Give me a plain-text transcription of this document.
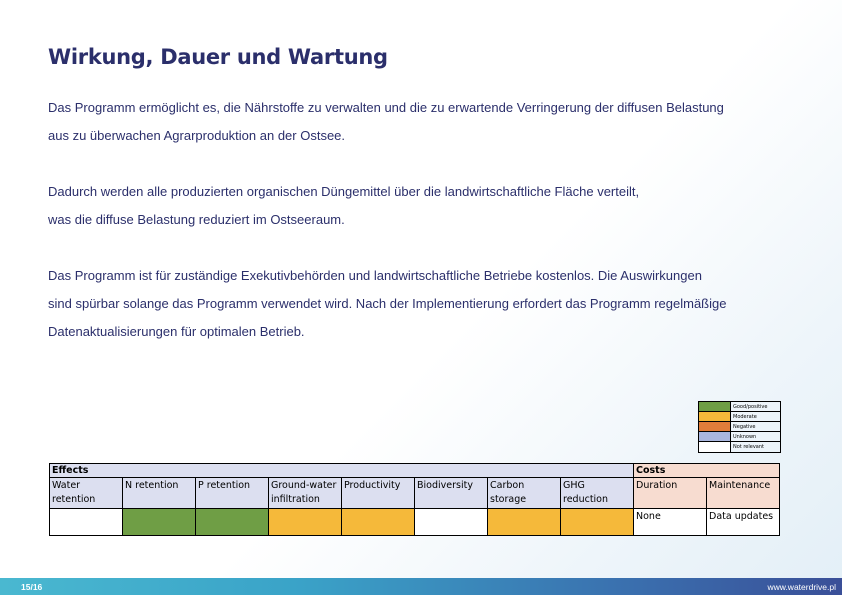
Wirkung, Dauer und Wartung
Das Programm ermöglicht es, die Nährstoffe zu verwalten und die zu erwartende Verringerung der diffusen Belastung
aus zu überwachen Agrarproduktion an der Ostsee.
Dadurch werden alle produzierten organischen Düngemittel über die landwirtschaftliche Fläche verteilt,
was die diffuse Belastung reduziert im Ostseeraum.
Das Programm ist für zuständige Exekutivbehörden und landwirtschaftliche Betriebe kostenlos. Die Auswirkungen
sind spürbar solange das Programm verwendet wird. Nach der Implementierung erfordert das Programm regelmäßige
Datenaktualisierungen für optimalen Betrieb.
Good/positive
Moderate
Negative
Unknown
Not relevant
Effects								Costs	
Water retention	N retention	P retention	Ground-water infiltration	Productivity	Biodiversity	Carbon storage	GHG reduction	Duration	Maintenance
								None	Data updates
15/16	www.waterdrive.pl
